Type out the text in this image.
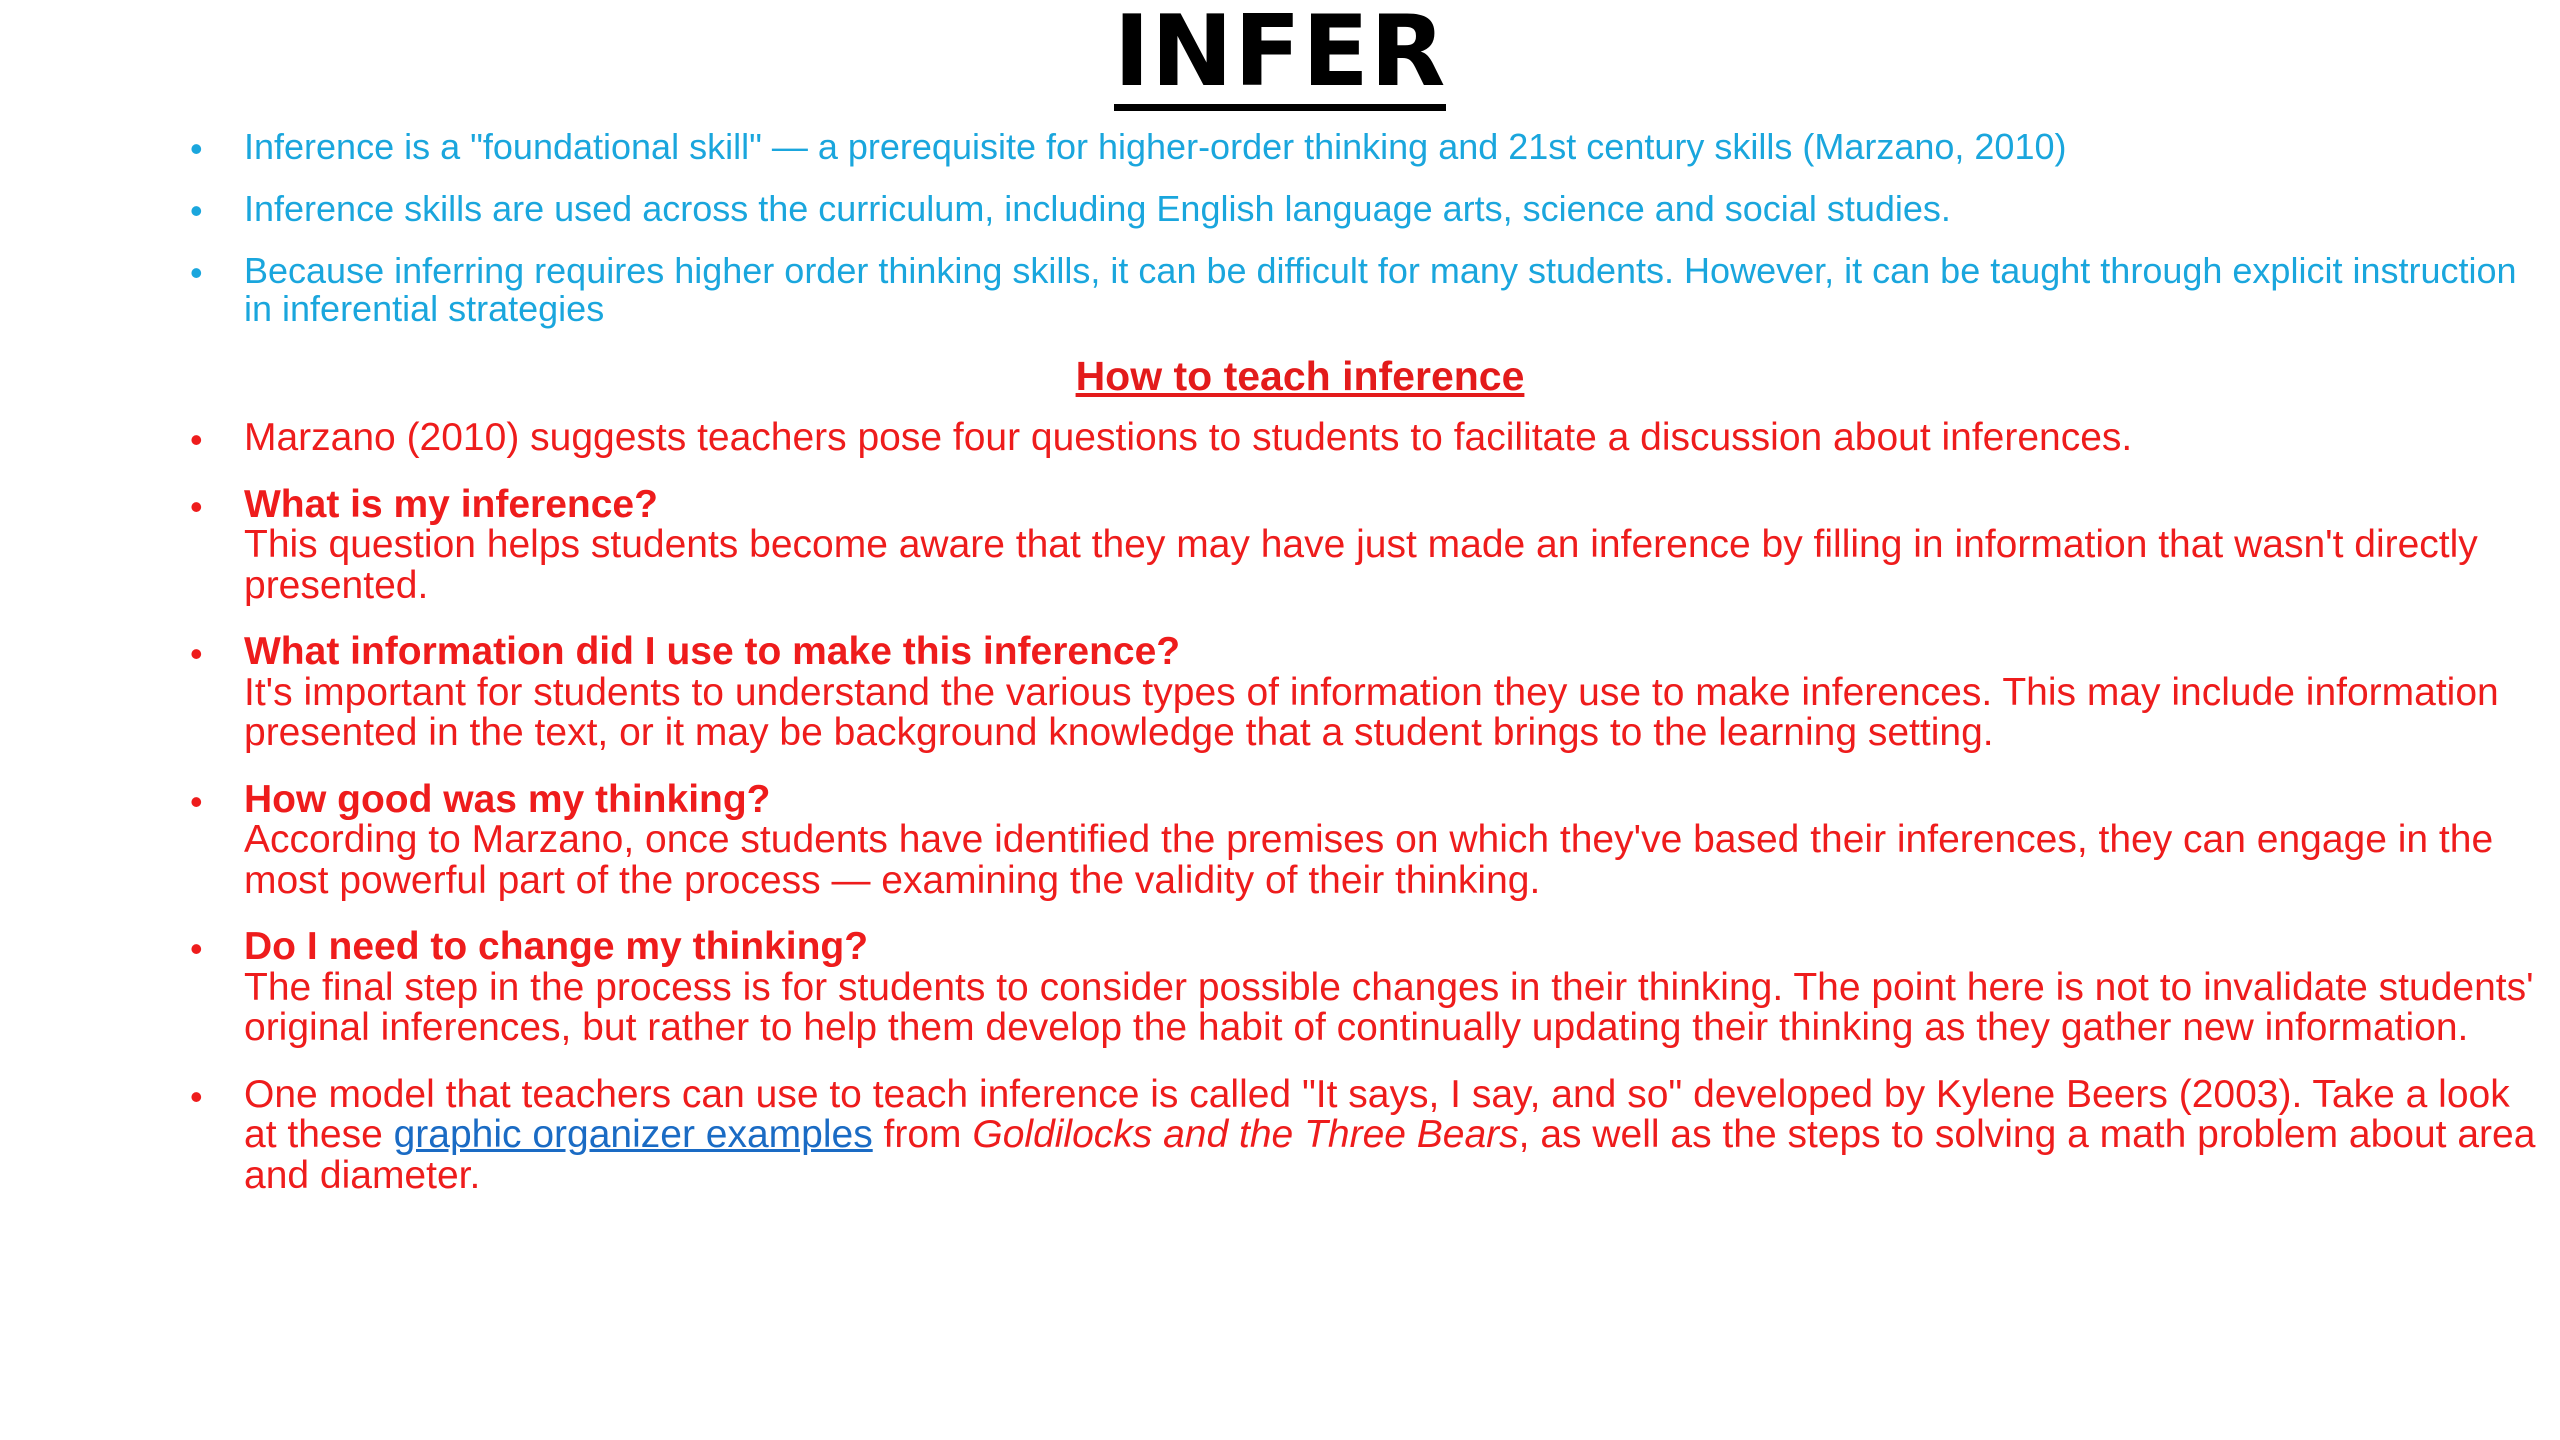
INFER
• Inference is a "foundational skill" — a prerequisite for higher-order thinking and 21st century skills (Marzano, 2010)
• Inference skills are used across the curriculum, including English language arts, science and social studies.
• Because inferring requires higher order thinking skills, it can be difficult for many students. However, it can be taught through explicit instruction in inferential strategies
How to teach inference
• Marzano (2010) suggests teachers pose four questions to students to facilitate a discussion about inferences.
• What is my inference?
This question helps students become aware that they may have just made an inference by filling in information that wasn't directly presented.
• What information did I use to make this inference?
It's important for students to understand the various types of information they use to make inferences. This may include information presented in the text, or it may be background knowledge that a student brings to the learning setting.
• How good was my thinking?
According to Marzano, once students have identified the premises on which they've based their inferences, they can engage in the most powerful part of the process — examining the validity of their thinking.
• Do I need to change my thinking?
The final step in the process is for students to consider possible changes in their thinking. The point here is not to invalidate students' original inferences, but rather to help them develop the habit of continually updating their thinking as they gather new information.
• One model that teachers can use to teach inference is called "It says, I say, and so" developed by Kylene Beers (2003). Take a look at these graphic organizer examples from Goldilocks and the Three Bears, as well as the steps to solving a math problem about area and diameter.
